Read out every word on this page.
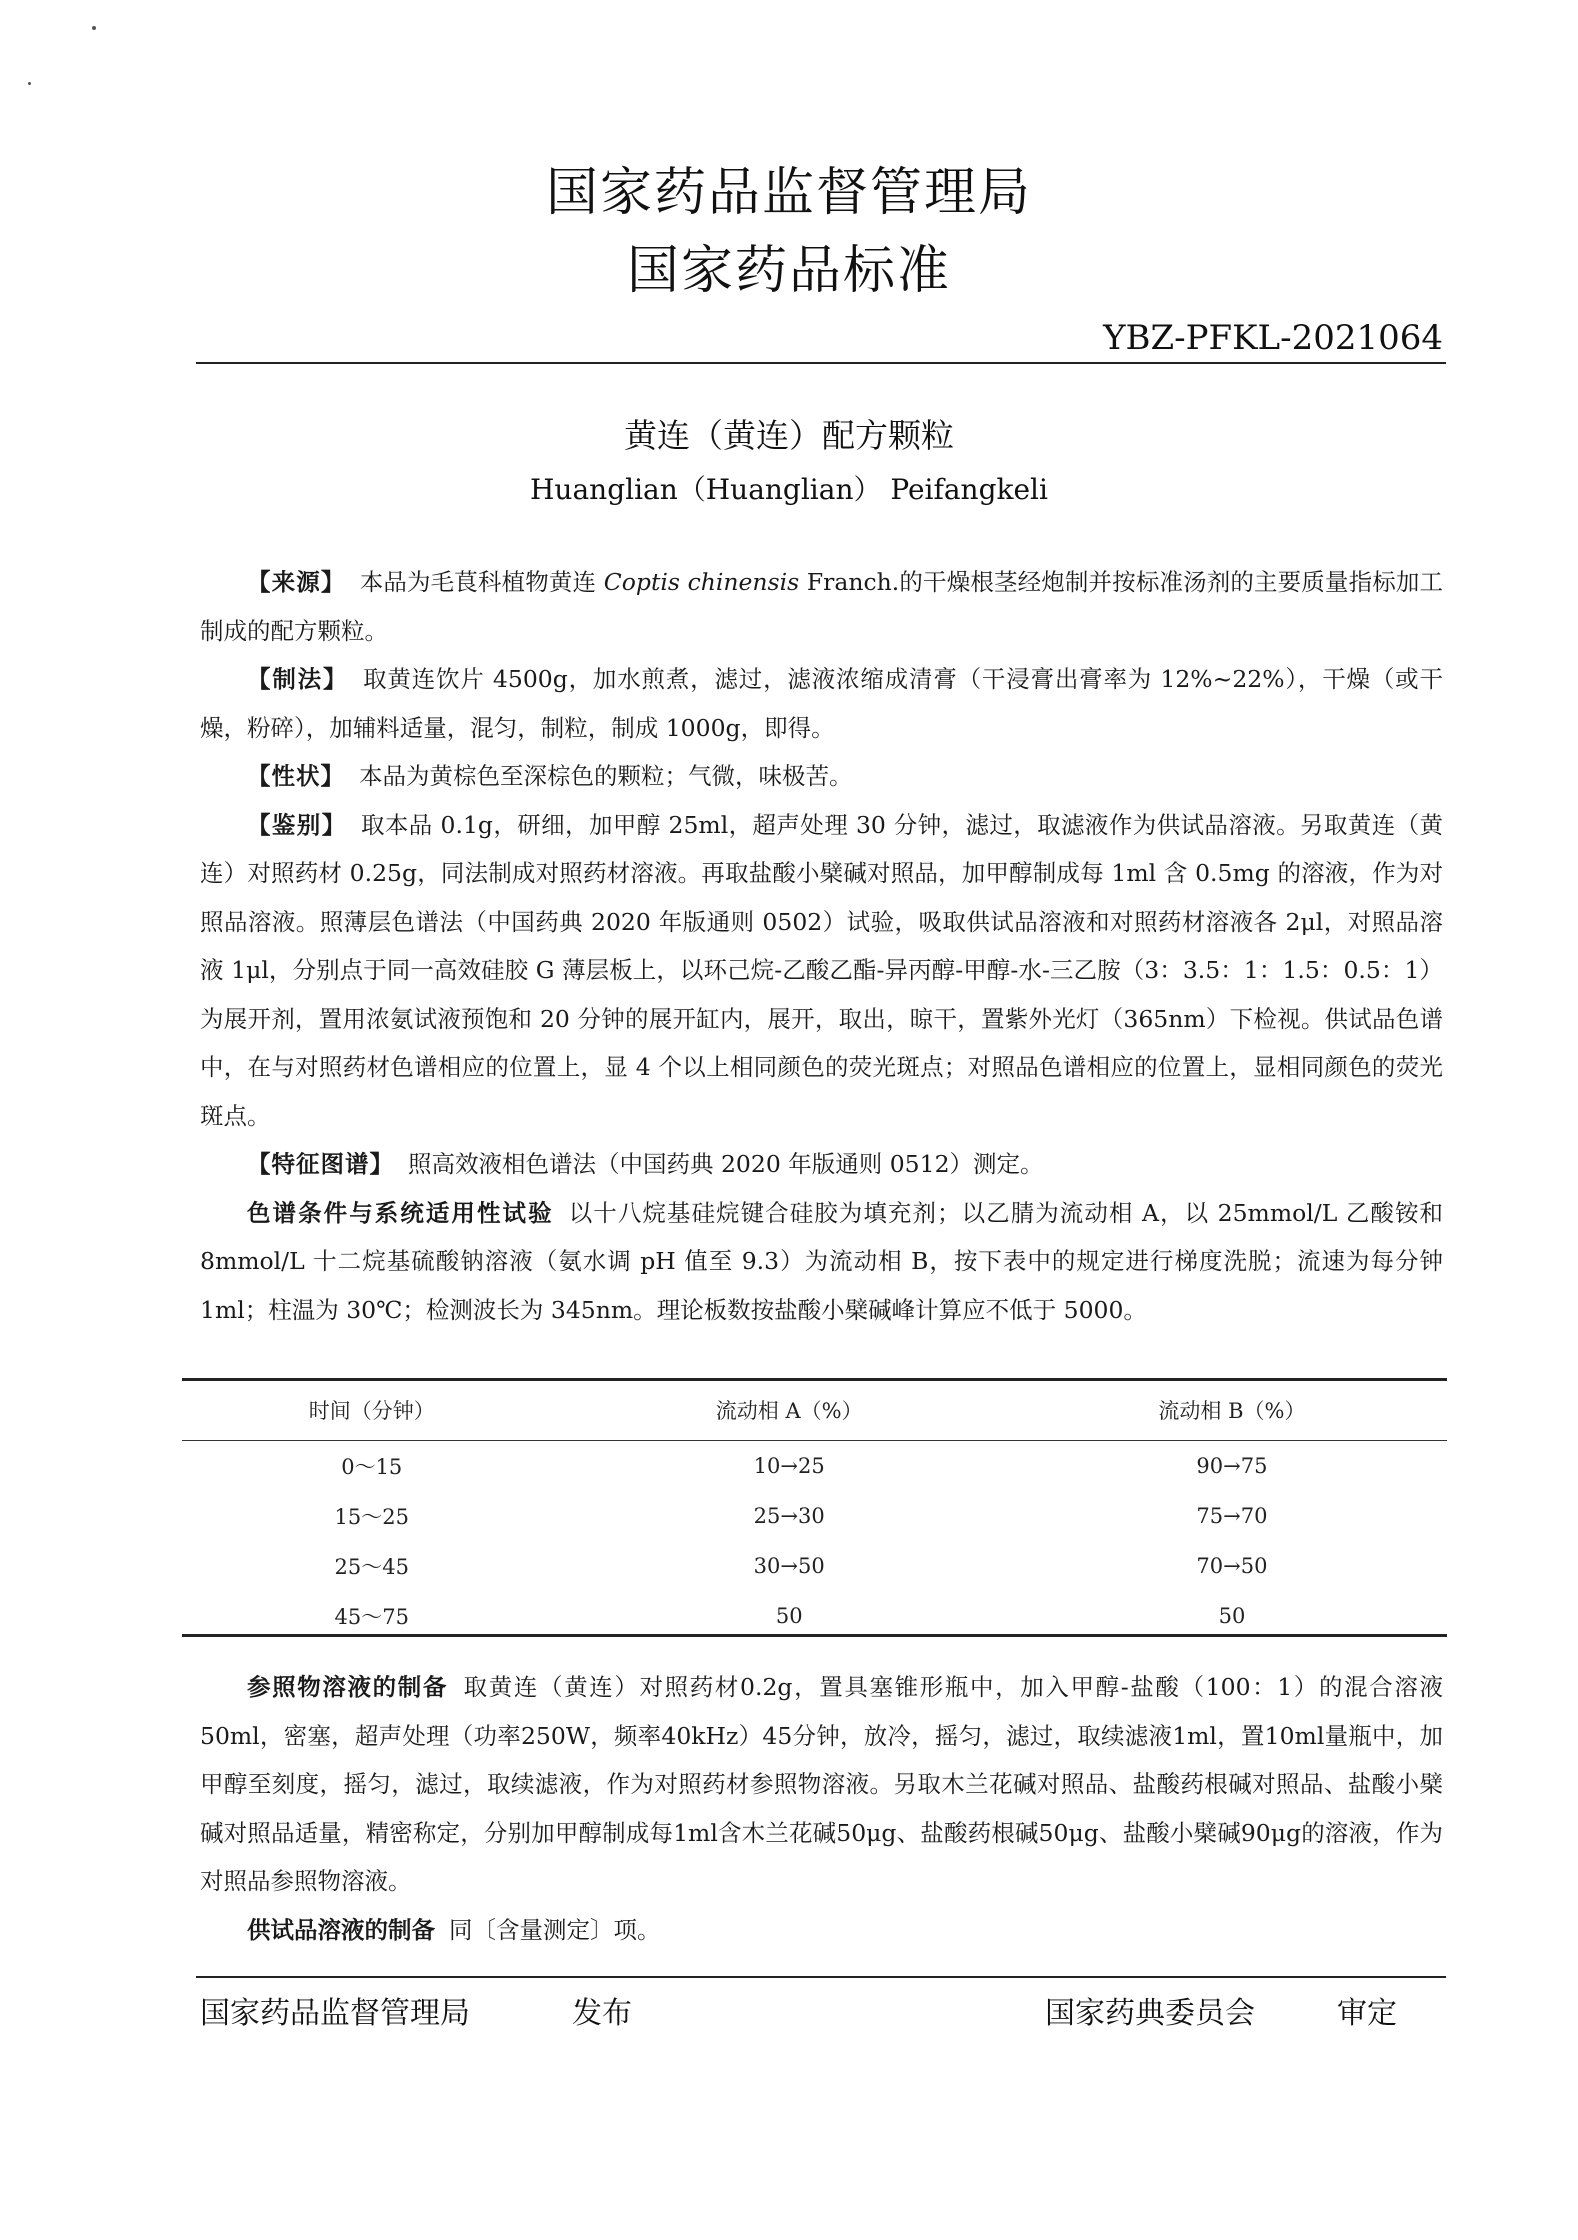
国家药品监督管理局
国家药品标准
YBZ-PFKL-2021064
黄连（黄连）配方颗粒
Huanglian（Huanglian） Peifangkeli

【来源】 本品为毛茛科植物黄连 Coptis chinensis Franch.的干燥根茎经炮制并按标准汤剂的主要质量指标加工制成的配方颗粒。

【制法】 取黄连饮片 4500g，加水煎煮，滤过，滤液浓缩成清膏（干浸膏出膏率为 12%~22%），干燥（或干燥，粉碎），加辅料适量，混匀，制粒，制成 1000g，即得。

【性状】 本品为黄棕色至深棕色的颗粒；气微，味极苦。

【鉴别】 取本品 0.1g，研细，加甲醇 25ml，超声处理 30 分钟，滤过，取滤液作为供试品溶液。另取黄连（黄连）对照药材 0.25g，同法制成对照药材溶液。再取盐酸小檗碱对照品，加甲醇制成每 1ml 含 0.5mg 的溶液，作为对照品溶液。照薄层色谱法（中国药典 2020 年版通则 0502）试验，吸取供试品溶液和对照药材溶液各 2μl，对照品溶液 1μl，分别点于同一高效硅胶 G 薄层板上，以环己烷-乙酸乙酯-异丙醇-甲醇-水-三乙胺（3：3.5：1：1.5：0.5：1）为展开剂，置用浓氨试液预饱和 20 分钟的展开缸内，展开，取出，晾干，置紫外光灯（365nm）下检视。供试品色谱中，在与对照药材色谱相应的位置上，显 4 个以上相同颜色的荧光斑点；对照品色谱相应的位置上，显相同颜色的荧光斑点。

【特征图谱】 照高效液相色谱法（中国药典 2020 年版通则 0512）测定。

色谱条件与系统适用性试验 以十八烷基硅烷键合硅胶为填充剂；以乙腈为流动相 A，以 25mmol/L 乙酸铵和 8mmol/L 十二烷基硫酸钠溶液（氨水调 pH 值至 9.3）为流动相 B，按下表中的规定进行梯度洗脱；流速为每分钟 1ml；柱温为 30℃；检测波长为 345nm。理论板数按盐酸小檗碱峰计算应不低于 5000。

时间（分钟）	流动相 A（%）	流动相 B（%）
0～15	10→25	90→75
15～25	25→30	75→70
25～45	30→50	70→50
45～75	50	50

参照物溶液的制备 取黄连（黄连）对照药材0.2g，置具塞锥形瓶中，加入甲醇-盐酸（100：1）的混合溶液50ml，密塞，超声处理（功率250W，频率40kHz）45分钟，放冷，摇匀，滤过，取续滤液1ml，置10ml量瓶中，加甲醇至刻度，摇匀，滤过，取续滤液，作为对照药材参照物溶液。另取木兰花碱对照品、盐酸药根碱对照品、盐酸小檗碱对照品适量，精密称定，分别加甲醇制成每1ml含木兰花碱50μg、盐酸药根碱50μg、盐酸小檗碱90μg的溶液，作为对照品参照物溶液。

供试品溶液的制备 同〔含量测定〕项。

国家药品监督管理局	发布	国家药典委员会	审定
